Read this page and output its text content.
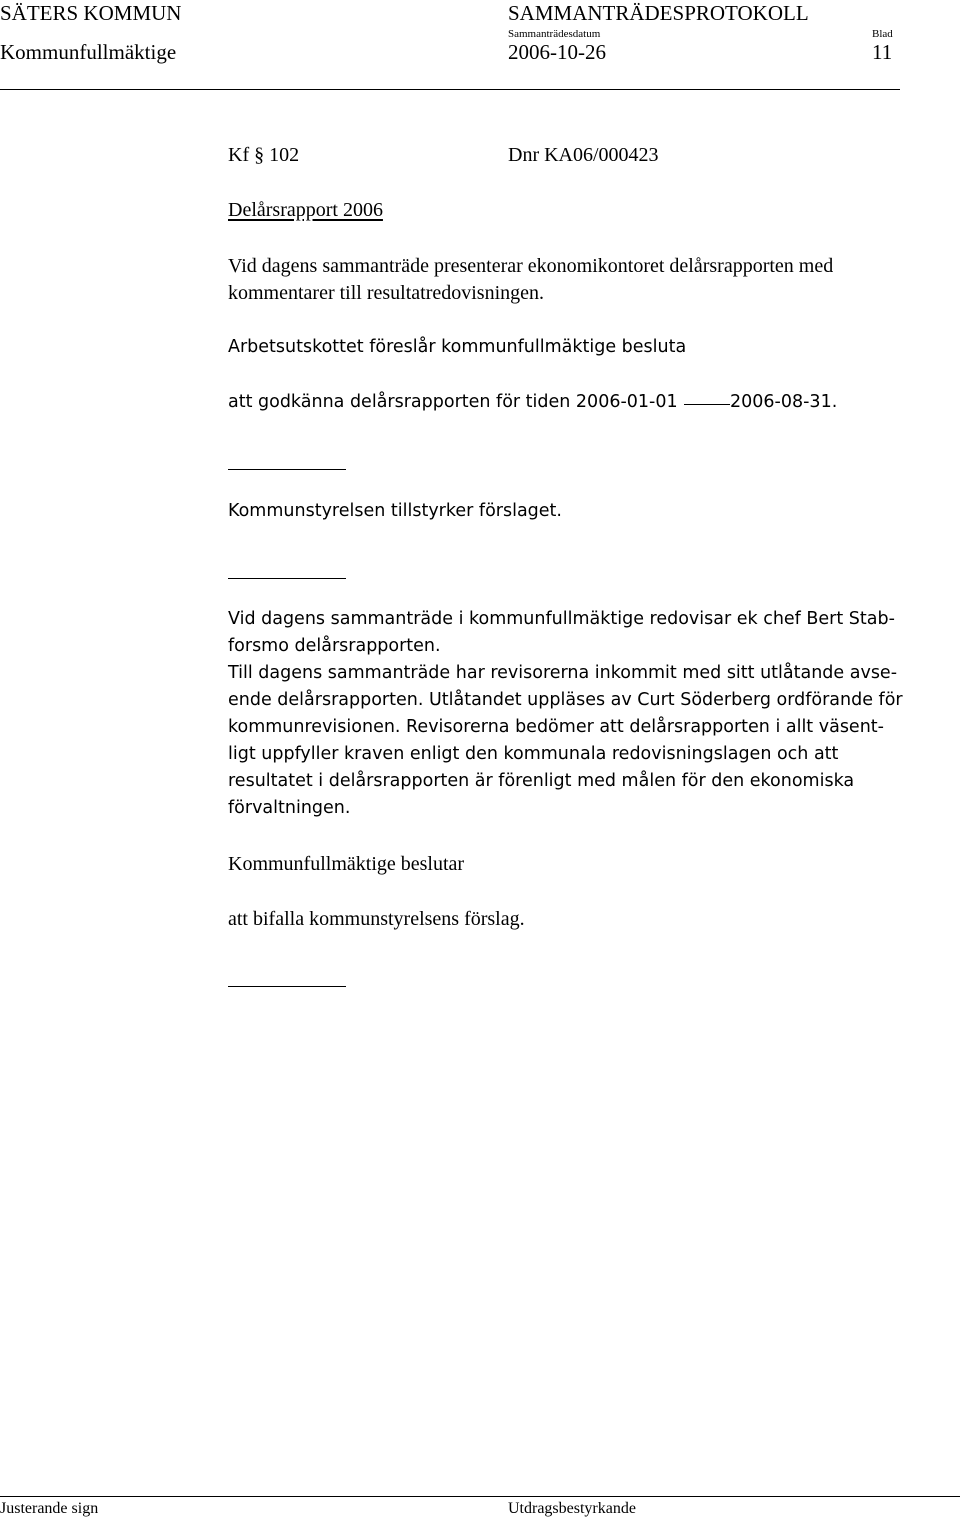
SÄTERS KOMMUN	SAMMANTRÄDESPROTOKOLL
Kommunfullmäktige
Sammanträdesdatum	Blad
2006-10-26	11
Kf § 102	Dnr KA06/000423
Delårsrapport 2006
Vid dagens sammanträde presenterar ekonomikontoret delårsrapporten med
kommentarer till resultatredovisningen.
Arbetsutskottet föreslår kommunfullmäktige besluta
att godkänna delårsrapporten för tiden 2006-01-01	2006-08-31.
Kommunstyrelsen tillstyrker förslaget.
Vid dagens sammanträde i kommunfullmäktige redovisar ek chef Bert Stab-
forsmo delårsrapporten.
Till dagens sammanträde har revisorerna inkommit med sitt utlåtande avse-
ende delårsrapporten. Utlåtandet uppläses av Curt Söderberg ordförande för
kommunrevisionen. Revisorerna bedömer att delårsrapporten i allt väsent-
ligt uppfyller kraven enligt den kommunala redovisningslagen och att
resultatet i delårsrapporten är förenligt med målen för den ekonomiska
förvaltningen.
Kommunfullmäktige beslutar
att bifalla kommunstyrelsens förslag.
Justerande sign	Utdragsbestyrkande
